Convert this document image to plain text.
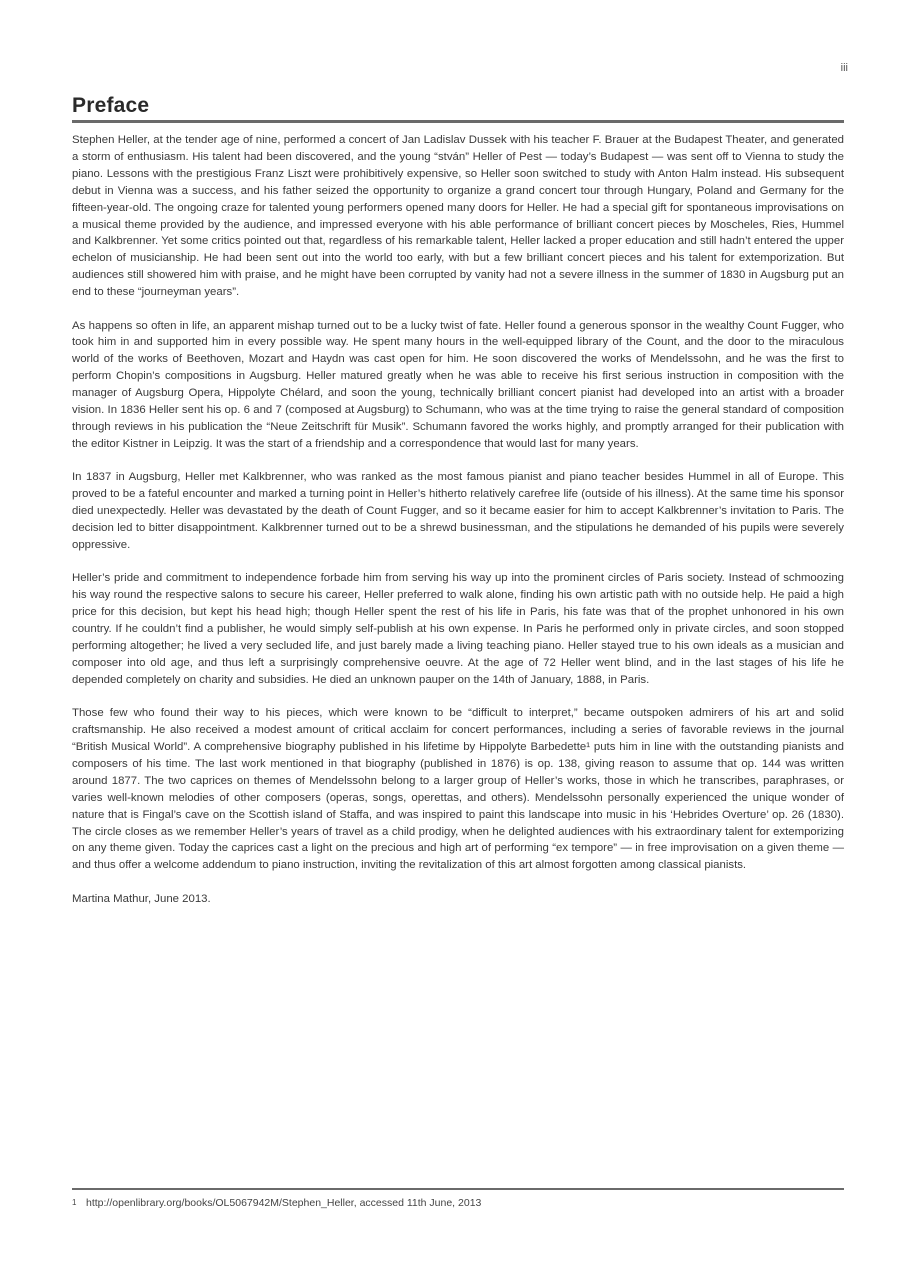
iii
Preface

Stephen Heller, at the tender age of nine, performed a concert of Jan Ladislav Dussek with his teacher F. Brauer at the Budapest Theater, and generated a storm of enthusiasm. His talent had been discovered, and the young “stván” Heller of Pest — today’s Budapest — was sent off to Vienna to study the piano. Lessons with the prestigious Franz Liszt were prohibitively expensive, so Heller soon switched to study with Anton Halm instead. His subsequent debut in Vienna was a success, and his father seized the opportunity to organize a grand concert tour through Hungary, Poland and Germany for the fifteen-year-old. The ongoing craze for talented young performers opened many doors for Heller. He had a special gift for spontaneous improvisations on a musical theme provided by the audience, and impressed everyone with his able performance of brilliant concert pieces by Moscheles, Ries, Hummel and Kalkbrenner. Yet some critics pointed out that, regardless of his remarkable talent, Heller lacked a proper education and still hadn’t entered the upper echelon of musicianship. He had been sent out into the world too early, with but a few brilliant concert pieces and his talent for extemporization. But audiences still showered him with praise, and he might have been corrupted by vanity had not a severe illness in the summer of 1830 in Augsburg put an end to these “journeyman years”.

As happens so often in life, an apparent mishap turned out to be a lucky twist of fate. Heller found a generous sponsor in the wealthy Count Fugger, who took him in and supported him in every possible way. He spent many hours in the well-equipped library of the Count, and the door to the miraculous world of the works of Beethoven, Mozart and Haydn was cast open for him. He soon discovered the works of Mendelssohn, and he was the first to perform Chopin’s compositions in Augsburg. Heller matured greatly when he was able to receive his first serious instruction in composition with the manager of Augsburg Opera, Hippolyte Chélard, and soon the young, technically brilliant concert pianist had developed into an artist with a broader vision. In 1836 Heller sent his op. 6 and 7 (composed at Augsburg) to Schumann, who was at the time trying to raise the general standard of composition through reviews in his publication the “Neue Zeitschrift für Musik”. Schumann favored the works highly, and promptly arranged for their publication with the editor Kistner in Leipzig. It was the start of a friendship and a correspondence that would last for many years.

In 1837 in Augsburg, Heller met Kalkbrenner, who was ranked as the most famous pianist and piano teacher besides Hummel in all of Europe. This proved to be a fateful encounter and marked a turning point in Heller’s hitherto relatively carefree life (outside of his illness). At the same time his sponsor died unexpectedly. Heller was devastated by the death of Count Fugger, and so it became easier for him to accept Kalkbrenner’s invitation to Paris. The decision led to bitter disappointment. Kalkbrenner turned out to be a shrewd businessman, and the stipulations he demanded of his pupils were severely oppressive.

Heller’s pride and commitment to independence forbade him from serving his way up into the prominent circles of Paris society. Instead of schmoozing his way round the respective salons to secure his career, Heller preferred to walk alone, finding his own artistic path with no outside help. He paid a high price for this decision, but kept his head high; though Heller spent the rest of his life in Paris, his fate was that of the prophet unhonored in his own country. If he couldn’t find a publisher, he would simply self-publish at his own expense. In Paris he performed only in private circles, and soon stopped performing altogether; he lived a very secluded life, and just barely made a living teaching piano. Heller stayed true to his own ideals as a musician and composer into old age, and thus left a surprisingly comprehensive oeuvre. At the age of 72 Heller went blind, and in the last stages of his life he depended completely on charity and subsidies. He died an unknown pauper on the 14th of January, 1888, in Paris.

Those few who found their way to his pieces, which were known to be “difficult to interpret,” became outspoken admirers of his art and solid craftsmanship. He also received a modest amount of critical acclaim for concert performances, including a series of favorable reviews in the journal “British Musical World”. A comprehensive biography published in his lifetime by Hippolyte Barbedette¹ puts him in line with the outstanding pianists and composers of his time. The last work mentioned in that biography (published in 1876) is op. 138, giving reason to assume that op. 144 was written around 1877. The two caprices on themes of Mendelssohn belong to a larger group of Heller’s works, those in which he transcribes, paraphrases, or varies well-known melodies of other composers (operas, songs, operettas, and others). Mendelssohn personally experienced the unique wonder of nature that is Fingal’s cave on the Scottish island of Staffa, and was inspired to paint this landscape into music in his ‘Hebrides Overture’ op. 26 (1830). The circle closes as we remember Heller’s years of travel as a child prodigy, when he delighted audiences with his extraordinary talent for extemporizing on any theme given. Today the caprices cast a light on the precious and high art of performing “ex tempore” — in free improvisation on a given theme — and thus offer a welcome addendum to piano instruction, inviting the revitalization of this art almost forgotten among classical pianists.

Martina Mathur, June 2013.

1 http://openlibrary.org/books/OL5067942M/Stephen_Heller, accessed 11th June, 2013
